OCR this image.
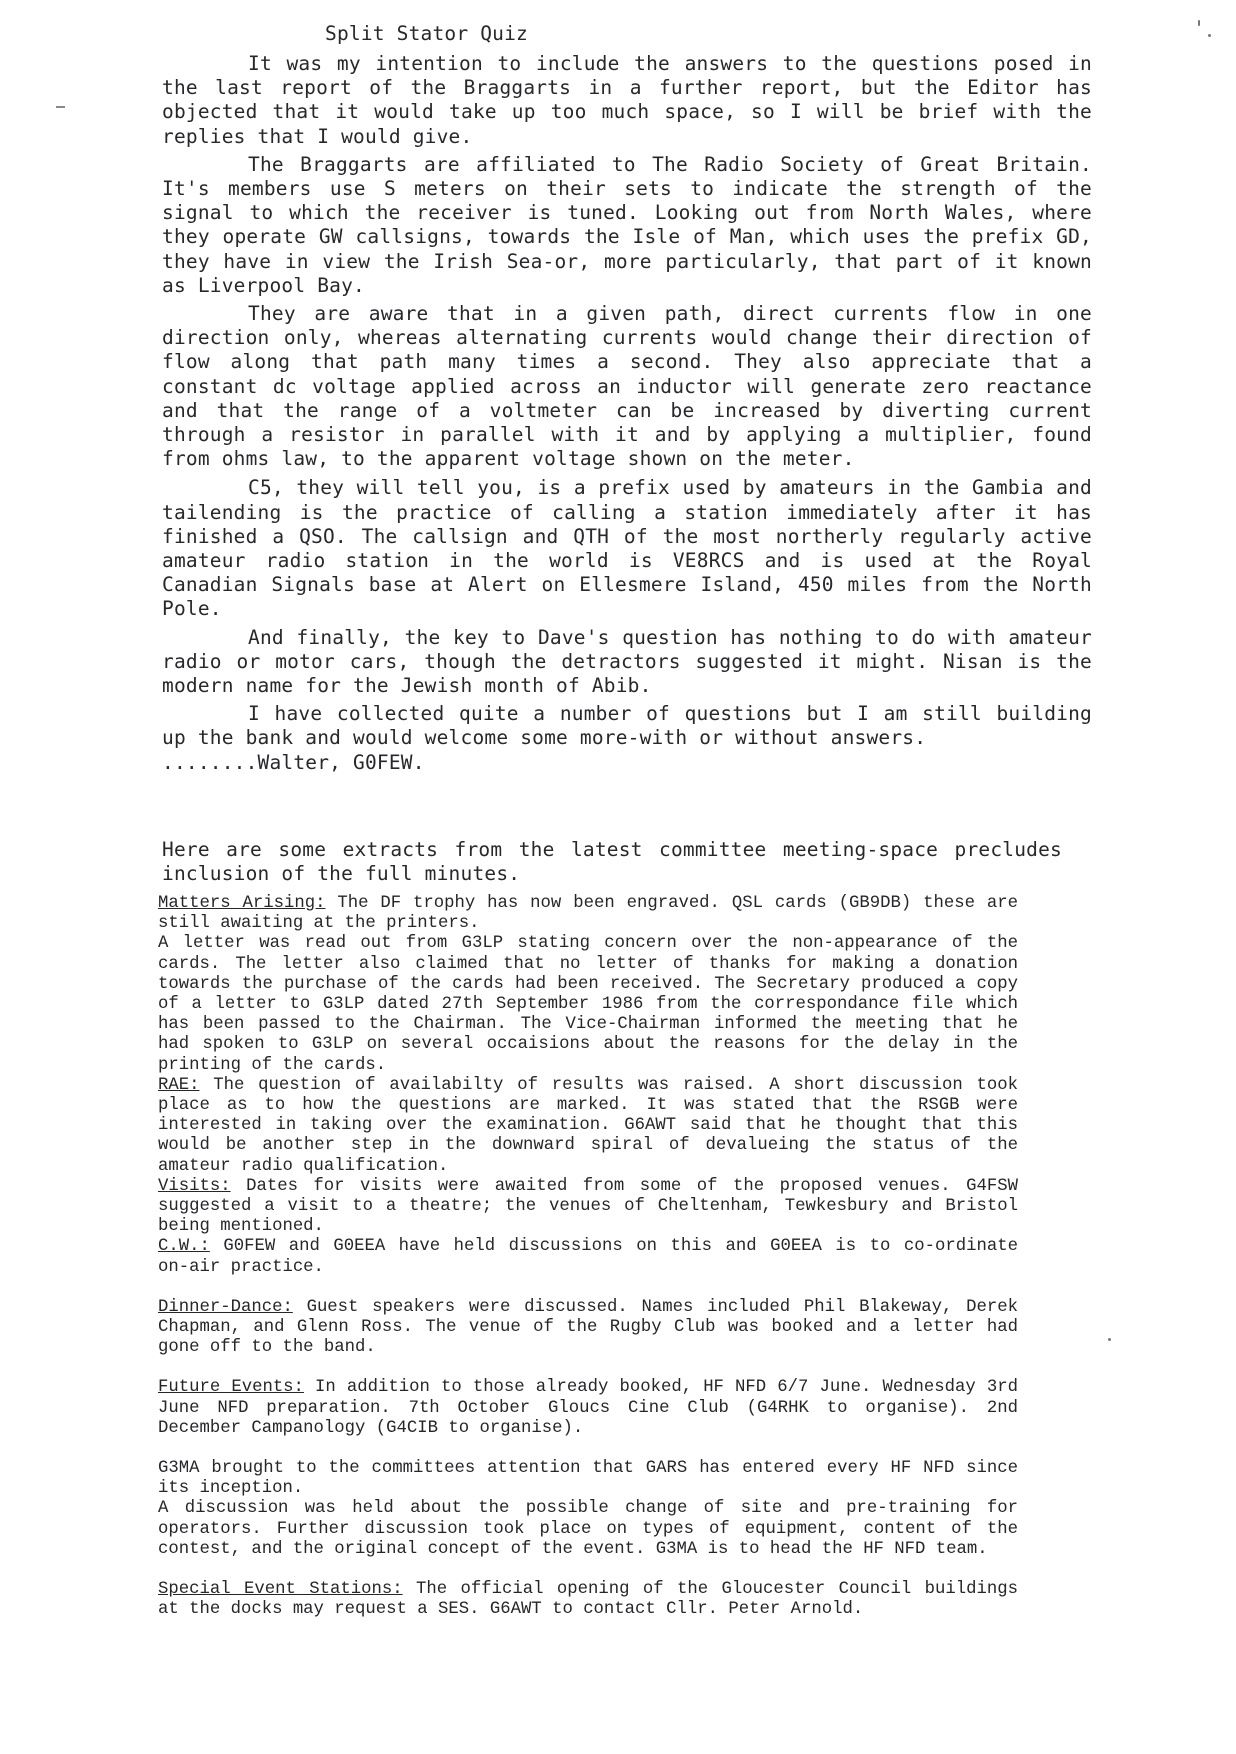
Split Stator Quiz

It was my intention to include the answers to the questions posed in the last report of the Braggarts in a further report, but the Editor has objected that it would take up too much space, so I will be brief with the replies that I would give.

The Braggarts are affiliated to The Radio Society of Great Britain. It's members use S meters on their sets to indicate the strength of the signal to which the receiver is tuned. Looking out from North Wales, where they operate GW callsigns, towards the Isle of Man, which uses the prefix GD, they have in view the Irish Sea-or, more particularly, that part of it known as Liverpool Bay.

They are aware that in a given path, direct currents flow in one direction only, whereas alternating currents would change their direction of flow along that path many times a second. They also appreciate that a constant dc voltage applied across an inductor will generate zero reactance and that the range of a voltmeter can be increased by diverting current through a resistor in parallel with it and by applying a multiplier, found from ohms law, to the apparent voltage shown on the meter.

C5, they will tell you, is a prefix used by amateurs in the Gambia and tailending is the practice of calling a station immediately after it has finished a QSO. The callsign and QTH of the most northerly regularly active amateur radio station in the world is VE8RCS and is used at the Royal Canadian Signals base at Alert on Ellesmere Island, 450 miles from the North Pole.

And finally, the key to Dave's question has nothing to do with amateur radio or motor cars, though the detractors suggested it might. Nisan is the modern name for the Jewish month of Abib.

I have collected quite a number of questions but I am still building up the bank and would welcome some more-with or without answers.

........Walter, G0FEW.

Here are some extracts from the latest committee meeting-space precludes inclusion of the full minutes.

Matters Arising: The DF trophy has now been engraved. QSL cards (GB9DB) these are still awaiting at the printers.

A letter was read out from G3LP stating concern over the non-appearance of the cards. The letter also claimed that no letter of thanks for making a donation towards the purchase of the cards had been received. The Secretary produced a copy of a letter to G3LP dated 27th September 1986 from the correspondance file which has been passed to the Chairman. The Vice-Chairman informed the meeting that he had spoken to G3LP on several occaisions about the reasons for the delay in the printing of the cards.

RAE: The question of availabilty of results was raised. A short discussion took place as to how the questions are marked. It was stated that the RSGB were interested in taking over the examination. G6AWT said that he thought that this would be another step in the downward spiral of devalueing the status of the amateur radio qualification.

Visits: Dates for visits were awaited from some of the proposed venues. G4FSW suggested a visit to a theatre; the venues of Cheltenham, Tewkesbury and Bristol being mentioned.

C.W.: G0FEW and G0EEA have held discussions on this and G0EEA is to co-ordinate on-air practice.

Dinner-Dance: Guest speakers were discussed. Names included Phil Blakeway, Derek Chapman, and Glenn Ross. The venue of the Rugby Club was booked and a letter had gone off to the band.

Future Events: In addition to those already booked, HF NFD 6/7 June. Wednesday 3rd June NFD preparation. 7th October Gloucs Cine Club (G4RHK to organise). 2nd December Campanology (G4CIB to organise).

G3MA brought to the committees attention that GARS has entered every HF NFD since its inception.

A discussion was held about the possible change of site and pre-training for operators. Further discussion took place on types of equipment, content of the contest, and the original concept of the event. G3MA is to head the HF NFD team.

Special Event Stations: The official opening of the Gloucester Council buildings at the docks may request a SES. G6AWT to contact Cllr. Peter Arnold.
